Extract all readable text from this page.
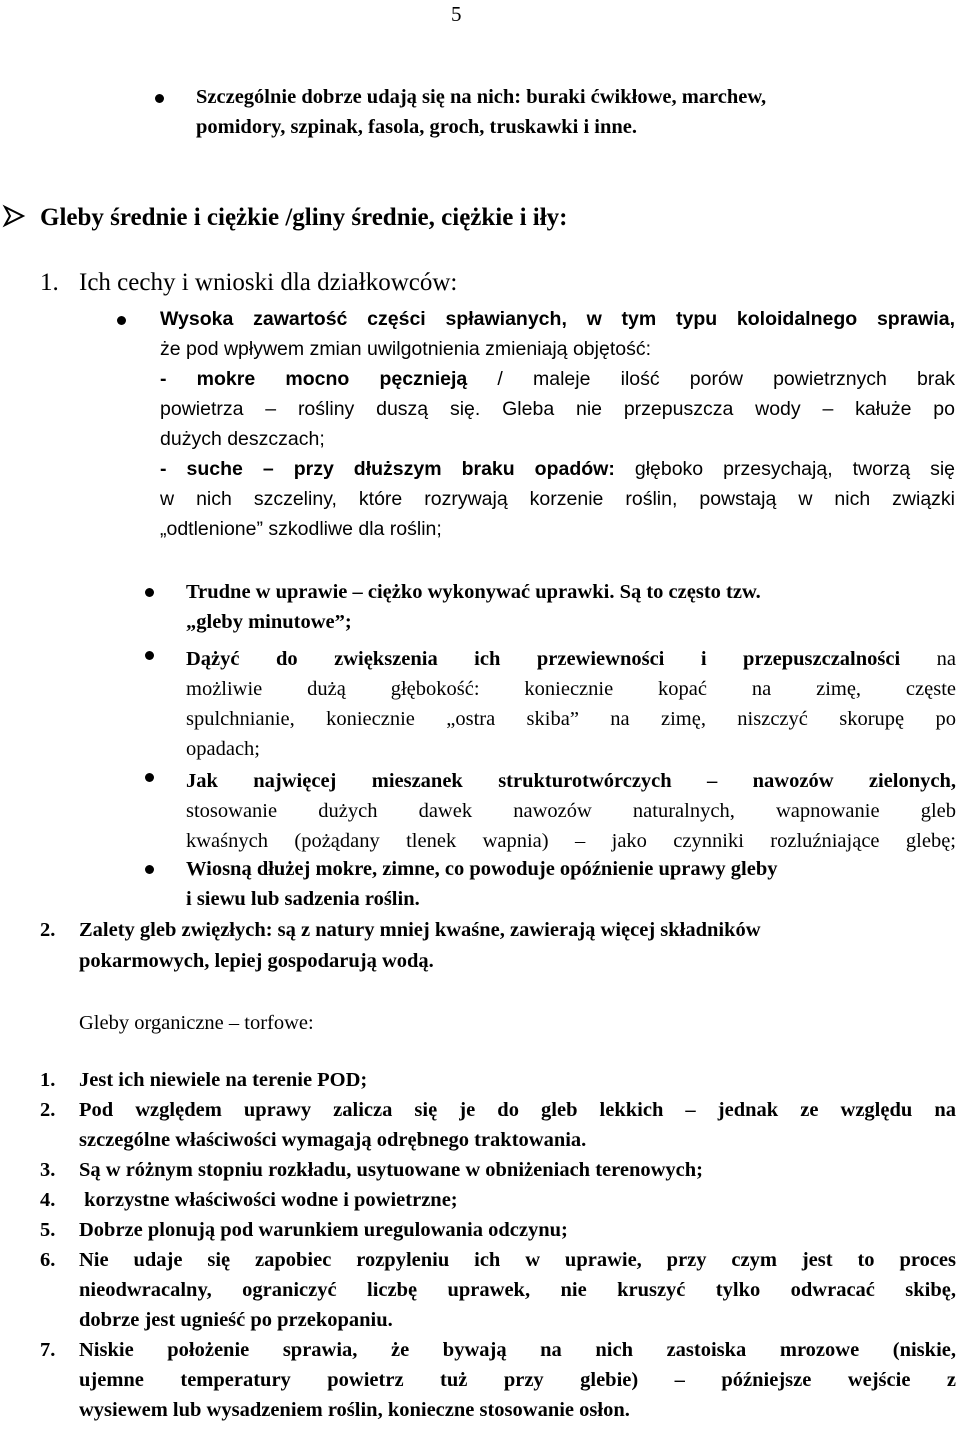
5
Szczególnie dobrze udają się na nich: buraki ćwikłowe, marchew,
pomidory, szpinak, fasola, groch, truskawki i inne.
Gleby średnie i ciężkie /gliny średnie, ciężkie i iły:
1. Ich cechy i wnioski dla działkowców:
Wysoka zawartość części spławianych, w tym typu koloidalnego sprawia,
że pod wpływem zmian uwilgotnienia zmieniają objętość:
- mokre mocno pęcznieją / maleje ilość porów powietrznych brak
powietrza – rośliny duszą się. Gleba nie przepuszcza wody – kałuże po
dużych deszczach;
- suche – przy dłuższym braku opadów: głęboko przesychają, tworzą się
w nich szczeliny, które rozrywają korzenie roślin, powstają w nich związki
„odtlenione” szkodliwe dla roślin;
Trudne w uprawie – ciężko wykonywać uprawki. Są to często tzw.
„gleby minutowe”;
Dążyć do zwiększenia ich przewiewności i przepuszczalności na
możliwie dużą głębokość: koniecznie kopać na zimę, częste
spulchnianie, koniecznie „ostra skiba” na zimę, niszczyć skorupę po
opadach;
Jak najwięcej mieszanek strukturotwórczych – nawozów zielonych,
stosowanie dużych dawek nawozów naturalnych, wapnowanie gleb
kwaśnych (pożądany tlenek wapnia) – jako czynniki rozluźniające glebę;
Wiosną dłużej mokre, zimne, co powoduje opóźnienie uprawy gleby
i siewu lub sadzenia roślin.
2. Zalety gleb zwięzłych: są z natury mniej kwaśne, zawierają więcej składników
pokarmowych, lepiej gospodarują wodą.
Gleby organiczne – torfowe:
1. Jest ich niewiele na terenie POD;
2. Pod względem uprawy zalicza się je do gleb lekkich – jednak ze względu na
szczególne właściwości wymagają odrębnego traktowania.
3. Są w różnym stopniu rozkładu, usytuowane w obniżeniach terenowych;
4. korzystne właściwości wodne i powietrzne;
5. Dobrze plonują pod warunkiem uregulowania odczynu;
6. Nie udaje się zapobiec rozpyleniu ich w uprawie, przy czym jest to proces
nieodwracalny, ograniczyć liczbę uprawek, nie kruszyć tylko odwracać skibę,
dobrze jest ugnieść po przekopaniu.
7. Niskie położenie sprawia, że bywają na nich zastoiska mrozowe (niskie,
ujemne temperatury powietrz tuż przy glebie) – późniejsze wejście z
wysiewem lub wysadzeniem roślin, konieczne stosowanie osłon.
